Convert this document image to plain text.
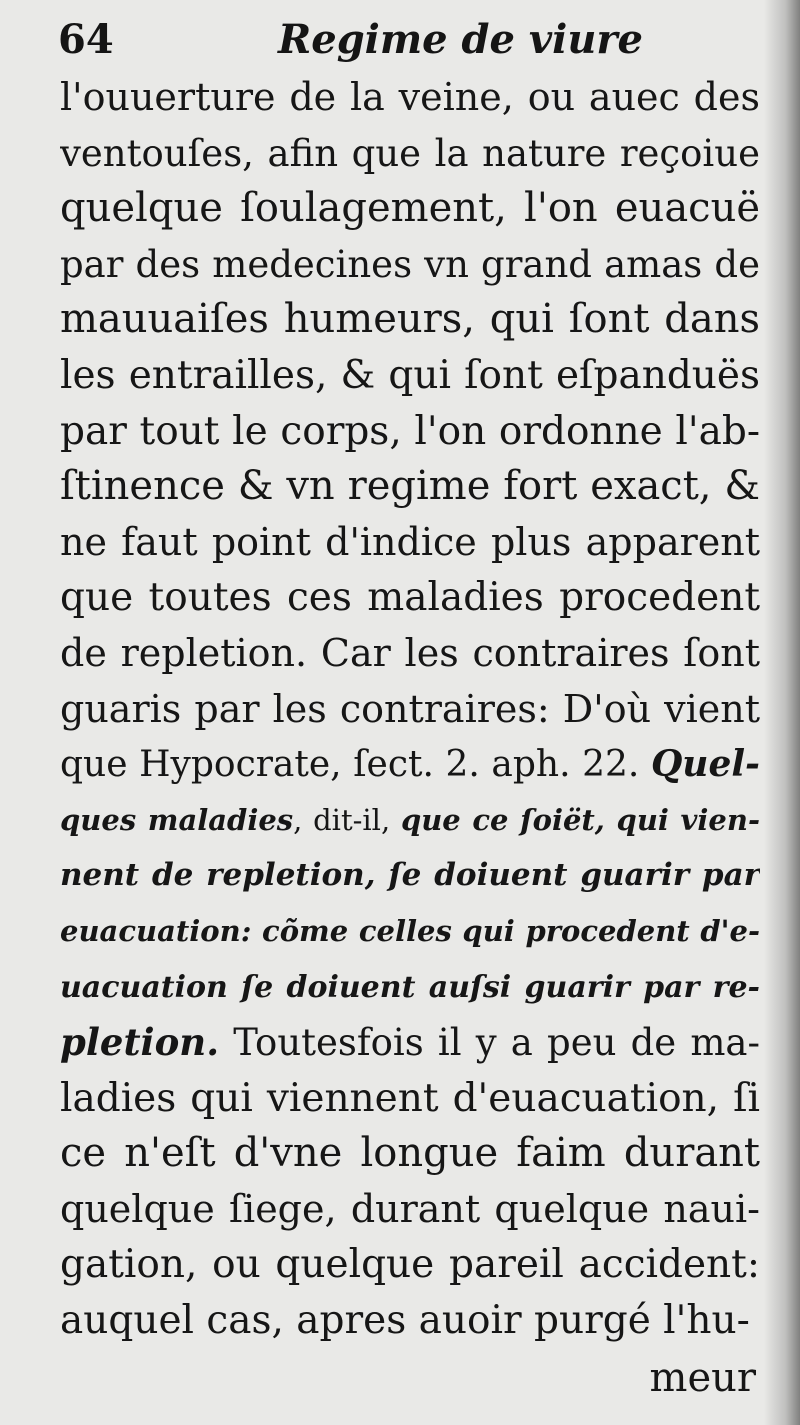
64	Regime de viure
l'ouuerture de la veine, ou auec des
ventouſes, afin que la nature reçoiue
quelque ſoulagement, l'on euacuë
par des medecines vn grand amas de
mauuaiſes humeurs, qui ſont dans
les entrailles, & qui ſont eſpanduës
par tout le corps, l'on ordonne l'ab-
ſtinence & vn regime fort exact, &
ne faut point d'indice plus apparent
que toutes ces maladies procedent
de repletion. Car les contraires ſont
guaris par les contraires: D'où vient
que Hypocrate, ſect. 2. aph. 22. Quel-
ques maladies, dit-il, que ce ſoiët, qui vien-
nent de repletion, ſe doiuent guarir par
euacuation: cõme celles qui procedent d'e-
uacuation ſe doiuent auſsi guarir par re-
pletion. Toutesfois il y a peu de ma-
ladies qui viennent d'euacuation, ſi
ce n'eſt d'vne longue faim durant
quelque ſiege, durant quelque naui-
gation, ou quelque pareil accident:
auquel cas, apres auoir purgé l'hu-
meur
